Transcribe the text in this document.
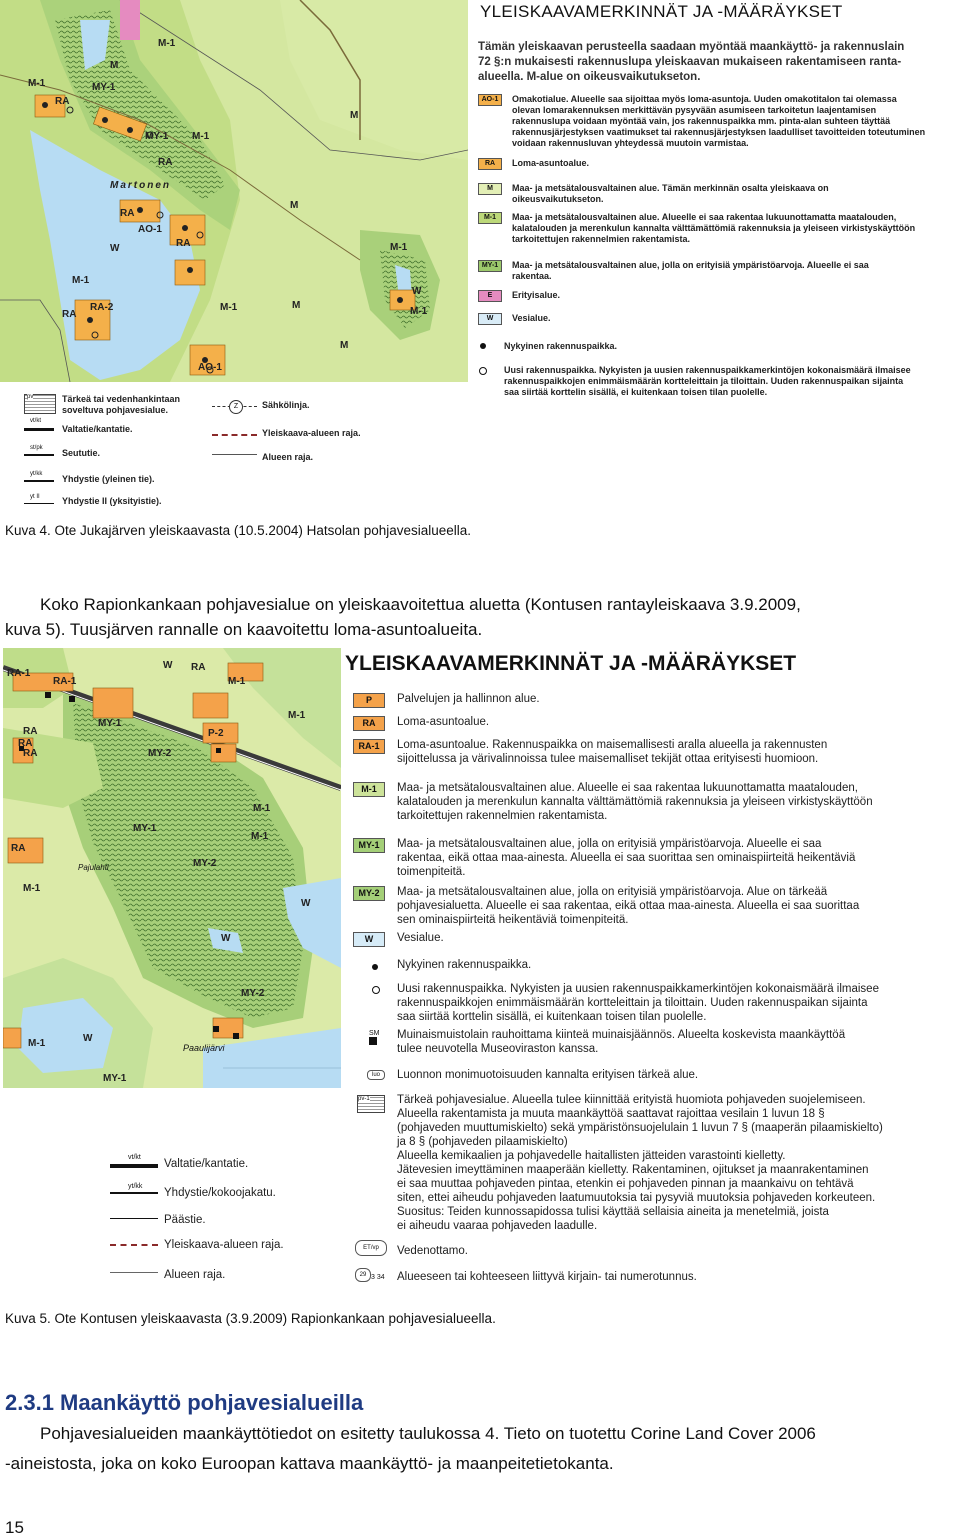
M-1
MY-1
M-1
RA
MY-1 M-1
M
RA
AO-1
RA
W
M-1
RA-2
RA
M-1	M
AO-1
M-1
M-1
W
M
M
M
RA
Martonen
YLEISKAAVAMERKINNÄT JA -MÄÄRÄYKSET
Tämän yleiskaavan perusteella saadaan myöntää maankäyttö- ja rakennuslain
72 §:n mukaisesti rakennuslupa yleiskaavan mukaiseen rakentamiseen ranta-
alueella. M-alue on oikeusvaikutukseton.
AO-1	Omakotialue. Alueelle saa sijoittaa myös loma-asuntoja. Uuden omakotitalon tai olemassa
olevan lomarakennuksen merkittävän pysyvään asumiseen tarkoitetun laajentamisen
rakennuslupa voidaan myöntää vain, jos rakennuspaikka mm. pinta-alan suhteen täyttää
rakennusjärjestyksen vaatimukset tai rakennusjärjestyksen laadulliset tavoitteiden toteutuminen
voidaan rakennusluvan yhteydessä muutoin varmistaa.
RA	Loma-asuntoalue.
M	Maa- ja metsätalousvaltainen alue. Tämän merkinnän osalta yleiskaava on
oikeusvaikutukseton.
M-1	Maa- ja metsätalousvaltainen alue. Alueelle ei saa rakentaa lukuunottamatta maatalouden,
kalatalouden ja merenkulun kannalta välttämättömiä rakennuksia ja yleiseen virkistyskäyttöön
tarkoitettujen rakennelmien rakentamista.
MY-1	Maa- ja metsätalousvaltainen alue, jolla on erityisiä ympäristöarvoja. Alueelle ei saa
rakentaa.
E	Erityisalue.
W	Vesialue.
Nykyinen rakennuspaikka.
Uusi rakennuspaikka. Nykyisten ja uusien rakennuspaikkamerkintöjen kokonaismäärä ilmaisee
rakennuspaikkojen enimmäismäärän kortteleittain ja tiloittain. Uuden rakennuspaikan sijainta
saa siirtää korttelin sisällä, ei kuitenkaan toisen tilan puolelle.
pv	Tärkeä tai vedenhankintaan
soveltuva pohjavesialue.
vt/kt
Valtatie/kantatie.
st/pk Seututie.
yt/kk Yhdystie (yleinen tie).
yt II Yhdystie II (yksityistie).
Z	Sähkölinja.
Yleiskaava-alueen raja.
Alueen raja.
Kuva 4. Ote Jukajärven yleiskaavasta (10.5.2004) Hatsolan pohjavesialueella.
Koko Rapionkankaan pohjavesialue on yleiskaavoitettua aluetta (Kontusen rantayleiskaava 3.9.2009,
kuva 5). Tuusjärven rannalle on kaavoitettu loma-asuntoalueita.
RA-1
RA-1
W RA
M-1
RA
M-1
MY-1
P-2
MY-2
RA
MY-1
MY-2
M-1
W
W
MY-2
M-1
M-1
MY-1
W
RA
M-1
RA
Pajulahti
Paaulijärvi
YLEISKAAVAMERKINNÄT JA -MÄÄRÄYKSET
P	Palvelujen ja hallinnon alue.
RA	Loma-asuntoalue.
RA-1	Loma-asuntoalue. Rakennuspaikka on maisemallisesti aralla alueella ja rakennusten
sijoittelussa ja värivalinnoissa tulee maisemalliset tekijät ottaa erityisesti huomioon.
M-1	Maa- ja metsätalousvaltainen alue. Alueelle ei saa rakentaa lukuunottamatta maatalouden,
kalatalouden ja merenkulun kannalta välttämättömiä rakennuksia ja yleiseen virkistyskäyttöön
tarkoitettujen rakennelmien rakentamista.
MY-1	Maa- ja metsätalousvaltainen alue, jolla on erityisiä ympäristöarvoja. Alueelle ei saa
rakentaa, eikä ottaa maa-ainesta. Alueella ei saa suorittaa sen ominaispiirteitä heikentäviä
toimenpiteitä.
MY-2	Maa- ja metsätalousvaltainen alue, jolla on erityisiä ympäristöarvoja. Alue on tärkeää
pohjavesialuetta. Alueelle ei saa rakentaa, eikä ottaa maa-ainesta. Alueella ei saa suorittaa
sen ominaispiirteitä heikentäviä toimenpiteitä.
W	Vesialue.
Nykyinen rakennuspaikka.
Uusi rakennuspaikka. Nykyisten ja uusien rakennuspaikkamerkintöjen kokonaismäärä ilmaisee
rakennuspaikkojen enimmäismäärän kortteleittain ja tiloittain. Uuden rakennuspaikan sijainta
saa siirtää korttelin sisällä, ei kuitenkaan toisen tilan puolelle.
SM Muinaismuistolain rauhoittama kiinteä muinaisjäännös. Alueelta koskevista maankäyttöä
tulee neuvotella Museoviraston kanssa.
luo	Luonnon monimuotoisuuden kannalta erityisen tärkeä alue.
pv-1	Tärkeä pohjavesialue. Alueella tulee kiinnittää erityistä huomiota pohjaveden suojelemiseen.
Alueella rakentamista ja muuta maankäyttöä saattavat rajoittaa vesilain 1 luvun 18 §
(pohjaveden muuttumiskielto) sekä ympäristönsuojelulain 1 luvun 7 § (maaperän pilaamiskielto)
ja 8 § (pohjaveden pilaamiskielto)
Alueella kemikaalien ja pohjavedelle haitallisten jätteiden varastointi kielletty.
Jätevesien imeyttäminen maaperään kielletty. Rakentaminen, ojitukset ja maanrakentaminen
ei saa muuttaa pohjaveden pintaa, etenkin ei pohjaveden pinnan ja maankaivu on tehtävä
siten, ettei aiheudu pohjaveden laatumuutoksia tai pysyviä muutoksia pohjaveden korkeuteen.
Suositus: Teiden kunnossapidossa tulisi käyttää sellaisia aineita ja menetelmiä, joista
ei aiheudu vaaraa pohjaveden laadulle.
ET/vp	Vedenottamo.
29 3 34 Alueeseen tai kohteeseen liittyvä kirjain- tai numerotunnus.
vt/kt
Valtatie/kantatie.
yt/kk
Yhdystie/kokoojakatu.
Päästie.
Yleiskaava-alueen raja.
Alueen raja.
Kuva 5. Ote Kontusen yleiskaavasta (3.9.2009) Rapionkankaan pohjavesialueella.
2.3.1 Maankäyttö pohjavesialueilla
Pohjavesialueiden maankäyttötiedot on esitetty taulukossa 4. Tieto on tuotettu Corine Land Cover 2006
-aineistosta, joka on koko Euroopan kattava maankäyttö- ja maanpeitetietokanta.
15
